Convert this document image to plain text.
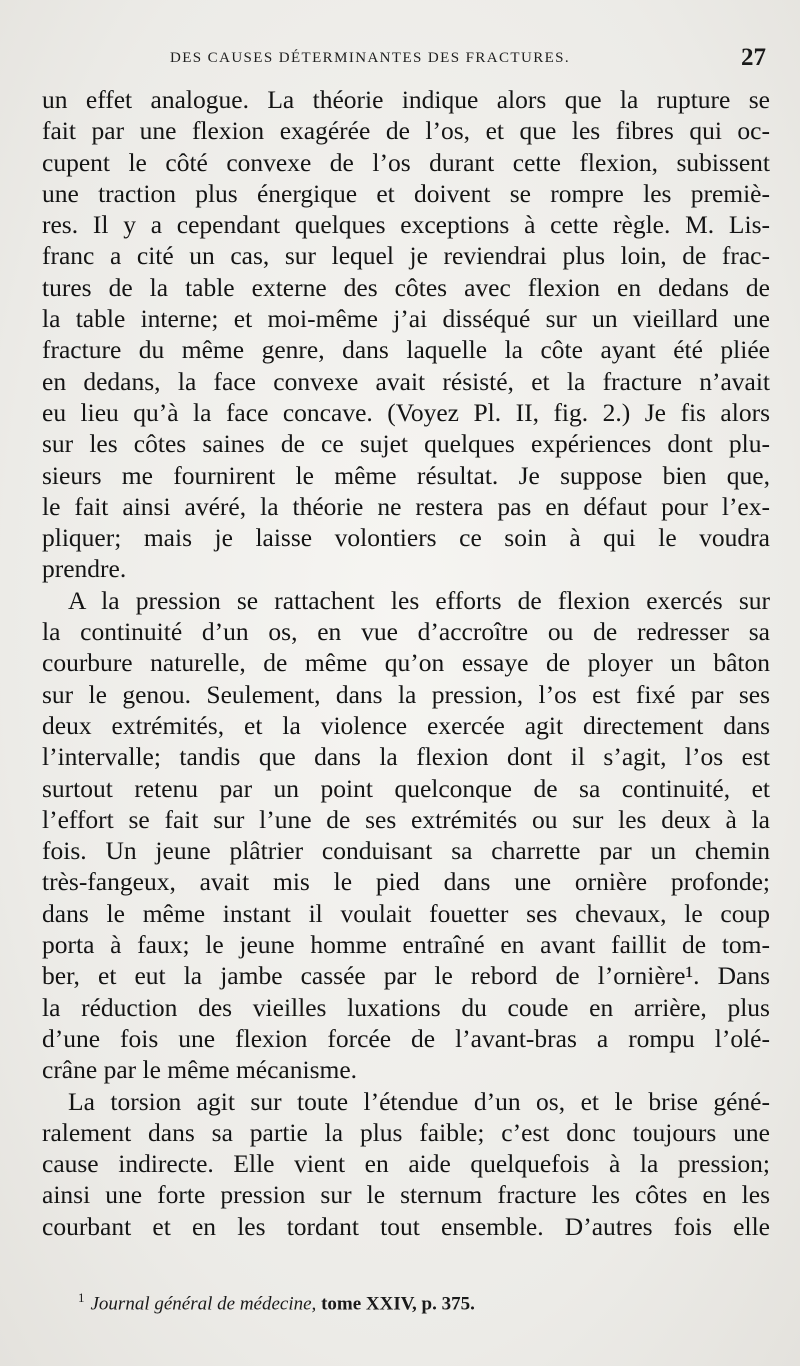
DES CAUSES DÉTERMINANTES DES FRACTURES.	27
un effet analogue. La théorie indique alors que la rupture se
fait par une flexion exagérée de l’os, et que les fibres qui oc-
cupent le côté convexe de l’os durant cette flexion, subissent
une traction plus énergique et doivent se rompre les premiè-
res. Il y a cependant quelques exceptions à cette règle. M. Lis-
franc a cité un cas, sur lequel je reviendrai plus loin, de frac-
tures de la table externe des côtes avec flexion en dedans de
la table interne; et moi-même j’ai disséqué sur un vieillard une
fracture du même genre, dans laquelle la côte ayant été pliée
en dedans, la face convexe avait résisté, et la fracture n’avait
eu lieu qu’à la face concave. (Voyez Pl. II, fig. 2.) Je fis alors
sur les côtes saines de ce sujet quelques expériences dont plu-
sieurs me fournirent le même résultat. Je suppose bien que,
le fait ainsi avéré, la théorie ne restera pas en défaut pour l’ex-
pliquer; mais je laisse volontiers ce soin à qui le voudra
prendre.
A la pression se rattachent les efforts de flexion exercés sur
la continuité d’un os, en vue d’accroître ou de redresser sa
courbure naturelle, de même qu’on essaye de ployer un bâton
sur le genou. Seulement, dans la pression, l’os est fixé par ses
deux extrémités, et la violence exercée agit directement dans
l’intervalle; tandis que dans la flexion dont il s’agit, l’os est
surtout retenu par un point quelconque de sa continuité, et
l’effort se fait sur l’une de ses extrémités ou sur les deux à la
fois. Un jeune plâtrier conduisant sa charrette par un chemin
très-fangeux, avait mis le pied dans une ornière profonde;
dans le même instant il voulait fouetter ses chevaux, le coup
porta à faux; le jeune homme entraîné en avant faillit de tom-
ber, et eut la jambe cassée par le rebord de l’ornière¹. Dans
la réduction des vieilles luxations du coude en arrière, plus
d’une fois une flexion forcée de l’avant-bras a rompu l’olé-
crâne par le même mécanisme.
La torsion agit sur toute l’étendue d’un os, et le brise géné-
ralement dans sa partie la plus faible; c’est donc toujours une
cause indirecte. Elle vient en aide quelquefois à la pression;
ainsi une forte pression sur le sternum fracture les côtes en les
courbant et en les tordant tout ensemble. D’autres fois elle
$^1$ Journal général de médecine, tome XXIV, p. 375.
